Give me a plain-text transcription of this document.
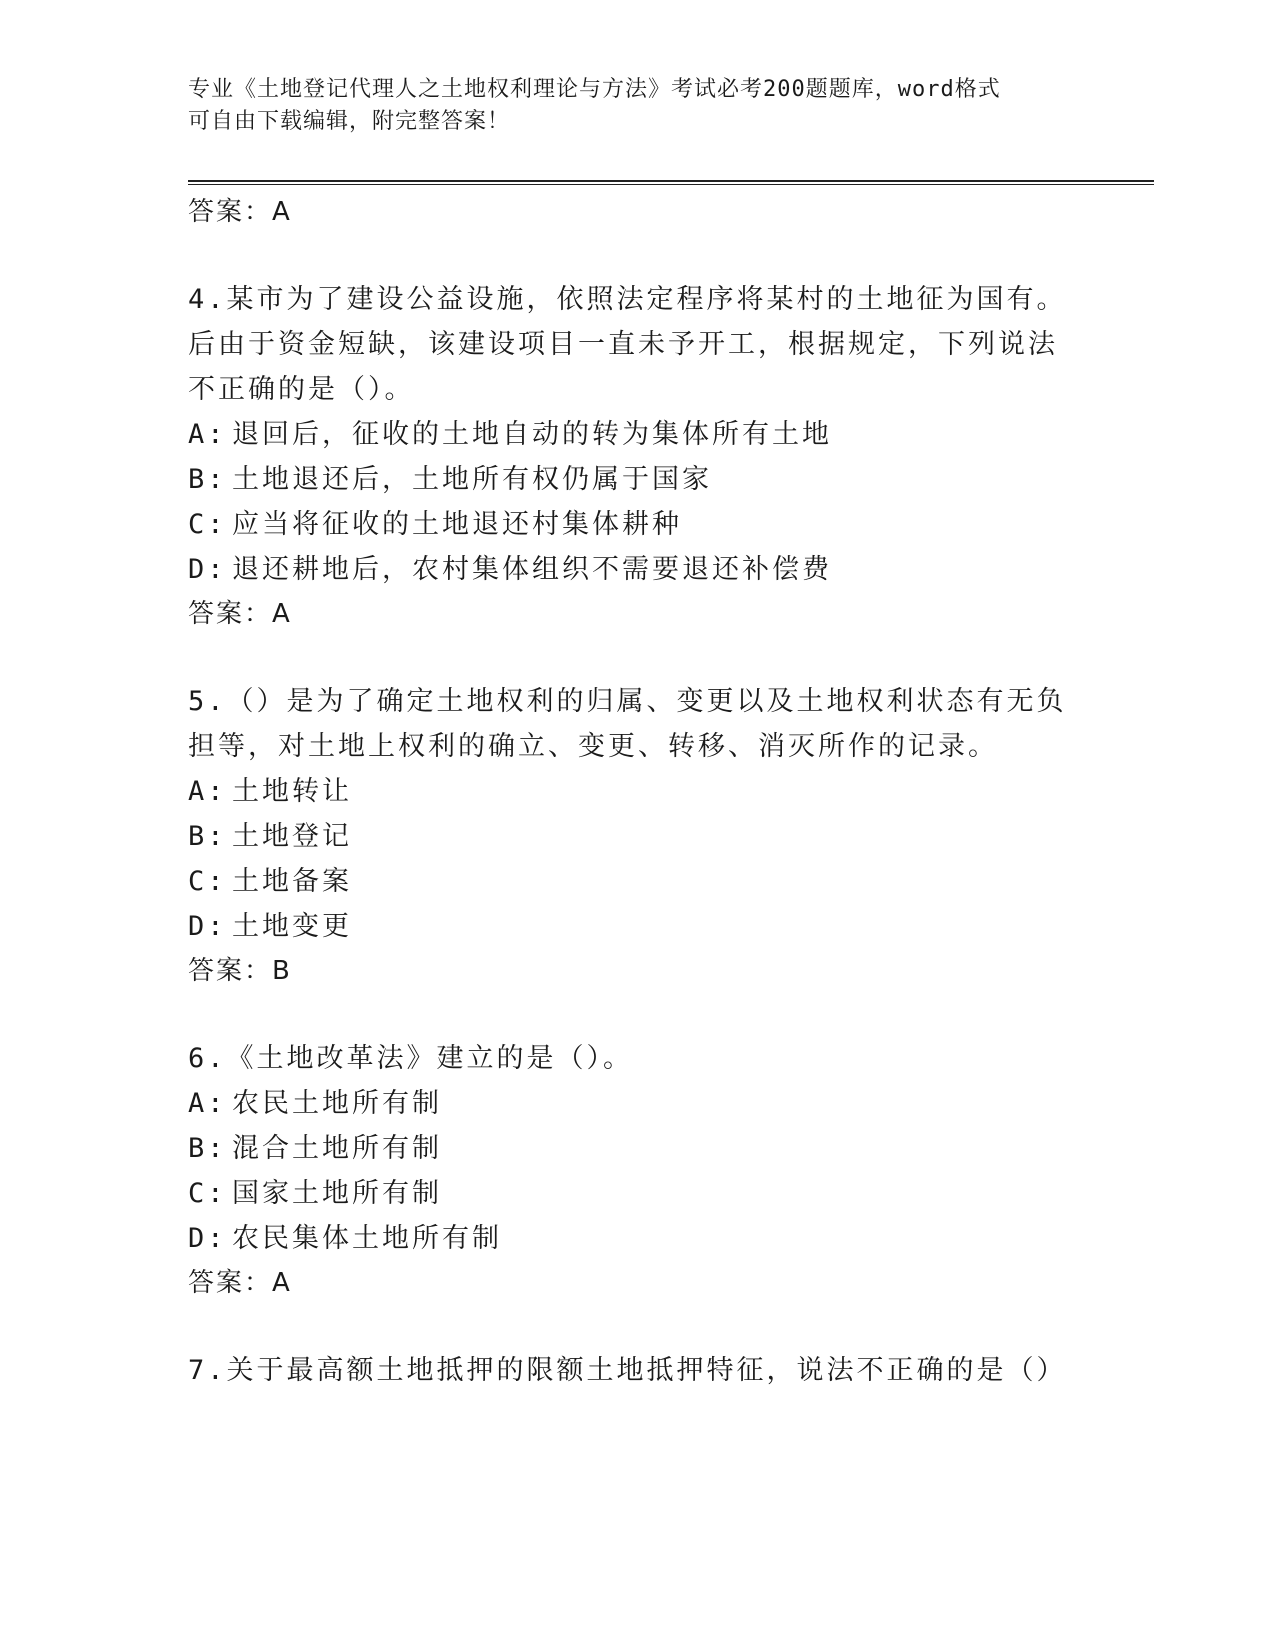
专业《土地登记代理人之土地权利理论与方法》考试必考200题题库，word格式
可自由下载编辑，附完整答案！
答案：A

4.某市为了建设公益设施，依照法定程序将某村的土地征为国有。后由于资金短缺，该建设项目一直未予开工，根据规定，下列说法不正确的是（）。

A: 退回后，征收的土地自动的转为集体所有土地
B: 土地退还后，土地所有权仍属于国家
C: 应当将征收的土地退还村集体耕种
D: 退还耕地后，农村集体组织不需要退还补偿费
答案：A

5.（）是为了确定土地权利的归属、变更以及土地权利状态有无负担等，对土地上权利的确立、变更、转移、消灭所作的记录。

A: 土地转让
B: 土地登记
C: 土地备案
D: 土地变更
答案：B

6.《土地改革法》建立的是（）。

A: 农民土地所有制
B: 混合土地所有制
C: 国家土地所有制
D: 农民集体土地所有制
答案：A

7.关于最高额土地抵押的限额土地抵押特征，说法不正确的是（）
